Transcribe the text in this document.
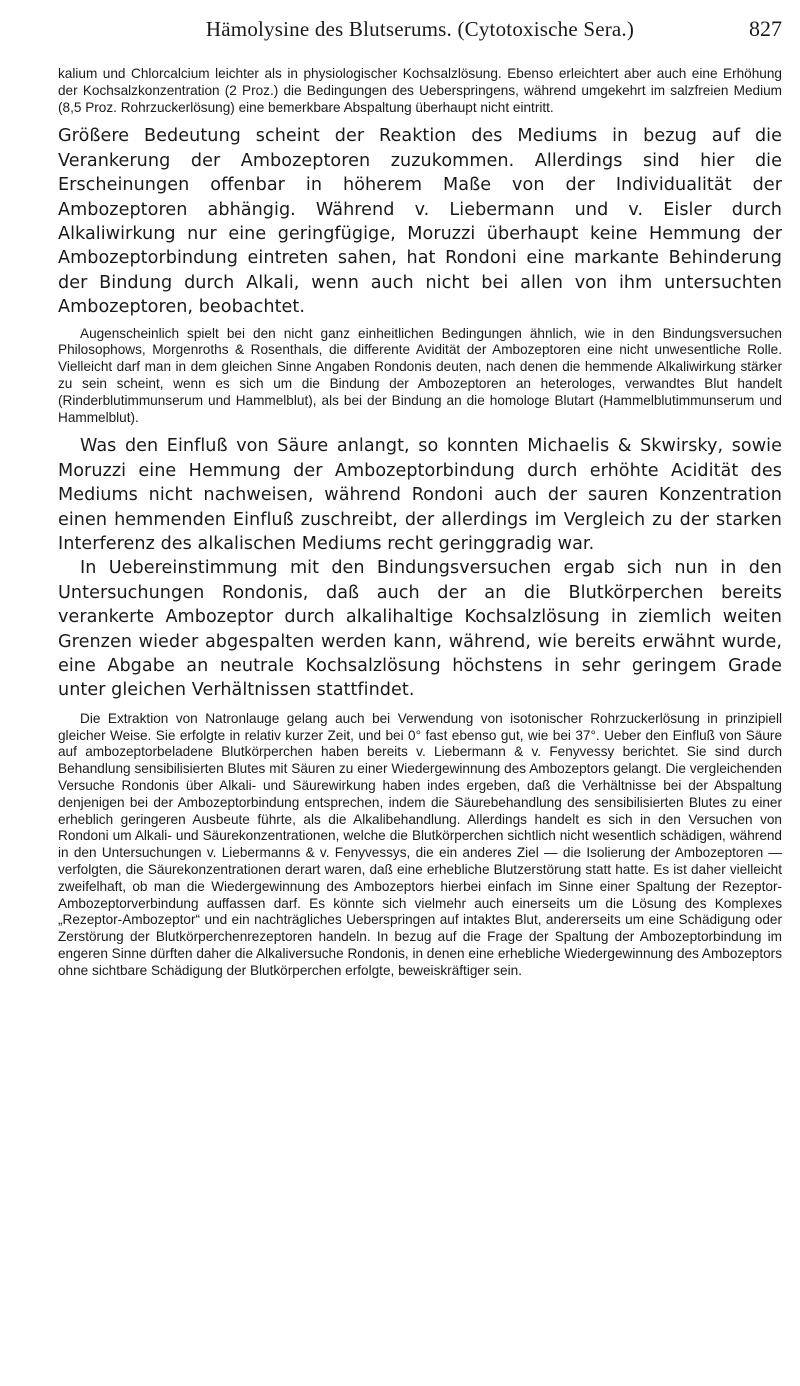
Hämolysine des Blutserums. (Cytotoxische Sera.)	827

kalium und Chlorcalcium leichter als in physiologischer Kochsalzlösung. Ebenso erleichtert aber auch eine Erhöhung der Kochsalzkonzentration (2 Proz.) die Bedingungen des Ueberspringens, während umgekehrt im salzfreien Medium (8,5 Proz. Rohrzuckerlösung) eine bemerkbare Abspaltung überhaupt nicht eintritt.

Größere Bedeutung scheint der Reaktion des Mediums in bezug auf die Verankerung der Ambozeptoren zuzukommen. Allerdings sind hier die Erscheinungen offenbar in höherem Maße von der Individualität der Ambozeptoren abhängig. Während v. Liebermann und v. Eisler durch Alkaliwirkung nur eine geringfügige, Moruzzi überhaupt keine Hemmung der Ambozeptorbindung eintreten sahen, hat Rondoni eine markante Behinderung der Bindung durch Alkali, wenn auch nicht bei allen von ihm untersuchten Ambozeptoren, beobachtet.

Augenscheinlich spielt bei den nicht ganz einheitlichen Bedingungen ähnlich, wie in den Bindungsversuchen Philosophows, Morgenroths & Rosenthals, die differente Avidität der Ambozeptoren eine nicht unwesentliche Rolle. Vielleicht darf man in dem gleichen Sinne Angaben Rondonis deuten, nach denen die hemmende Alkaliwirkung stärker zu sein scheint, wenn es sich um die Bindung der Ambozeptoren an heterologes, verwandtes Blut handelt (Rinderblutimmunserum und Hammelblut), als bei der Bindung an die homologe Blutart (Hammelblutimmunserum und Hammelblut).

Was den Einfluß von Säure anlangt, so konnten Michaelis & Skwirsky, sowie Moruzzi eine Hemmung der Ambozeptorbindung durch erhöhte Acidität des Mediums nicht nachweisen, während Rondoni auch der sauren Konzentration einen hemmenden Einfluß zuschreibt, der allerdings im Vergleich zu der starken Interferenz des alkalischen Mediums recht geringgradig war.

In Uebereinstimmung mit den Bindungsversuchen ergab sich nun in den Untersuchungen Rondonis, daß auch der an die Blutkörperchen bereits verankerte Ambozeptor durch alkalihaltige Kochsalzlösung in ziemlich weiten Grenzen wieder abgespalten werden kann, während, wie bereits erwähnt wurde, eine Abgabe an neutrale Kochsalzlösung höchstens in sehr geringem Grade unter gleichen Verhältnissen stattfindet.

Die Extraktion von Natronlauge gelang auch bei Verwendung von isotonischer Rohrzuckerlösung in prinzipiell gleicher Weise. Sie erfolgte in relativ kurzer Zeit, und bei 0° fast ebenso gut, wie bei 37°. Ueber den Einfluß von Säure auf ambozeptorbeladene Blutkörperchen haben bereits v. Liebermann & v. Fenyvessy berichtet. Sie sind durch Behandlung sensibilisierten Blutes mit Säuren zu einer Wiedergewinnung des Ambozeptors gelangt. Die vergleichenden Versuche Rondonis über Alkali- und Säurewirkung haben indes ergeben, daß die Verhältnisse bei der Abspaltung denjenigen bei der Ambozeptorbindung entsprechen, indem die Säurebehandlung des sensibilisierten Blutes zu einer erheblich geringeren Ausbeute führte, als die Alkalibehandlung. Allerdings handelt es sich in den Versuchen von Rondoni um Alkali- und Säurekonzentrationen, welche die Blutkörperchen sichtlich nicht wesentlich schädigen, während in den Untersuchungen v. Liebermanns & v. Fenyvessys, die ein anderes Ziel — die Isolierung der Ambozeptoren — verfolgten, die Säurekonzentrationen derart waren, daß eine erhebliche Blutzerstörung statt hatte. Es ist daher vielleicht zweifelhaft, ob man die Wiedergewinnung des Ambozeptors hierbei einfach im Sinne einer Spaltung der Rezeptor-Ambozeptorverbindung auffassen darf. Es könnte sich vielmehr auch einerseits um die Lösung des Komplexes „Rezeptor-Ambozeptor“ und ein nachträgliches Ueberspringen auf intaktes Blut, andererseits um eine Schädigung oder Zerstörung der Blutkörperchenrezeptoren handeln. In bezug auf die Frage der Spaltung der Ambozeptorbindung im engeren Sinne dürften daher die Alkaliversuche Rondonis, in denen eine erhebliche Wiedergewinnung des Ambozeptors ohne sichtbare Schädigung der Blutkörperchen erfolgte, beweiskräftiger sein.
